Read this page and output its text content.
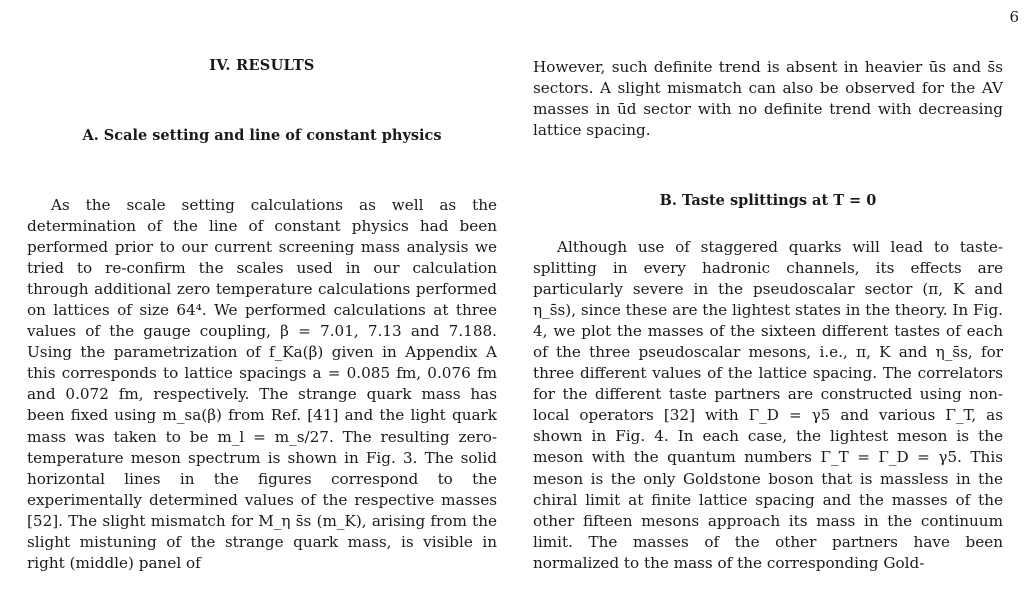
6
IV. RESULTS
A. Scale setting and line of constant physics

As the scale setting calculations as well as the determination of the line of constant physics had been performed prior to our current screening mass analysis we tried to re-confirm the scales used in our calculation through additional zero temperature calculations performed on lattices of size 64⁴. We performed calculations at three values of the gauge coupling, β = 7.01, 7.13 and 7.188. Using the parametrization of f_Ka(β) given in Appendix A this corresponds to lattice spacings a = 0.085 fm, 0.076 fm and 0.072 fm, respectively. The strange quark mass has been fixed using m_sa(β) from Ref. [41] and the light quark mass was taken to be m_l = m_s/27. The resulting zero-temperature meson spectrum is shown in Fig. 3. The solid horizontal lines in the figures correspond to the experimentally determined values of the respective masses [52]. The slight mismatch for M_η s̄s (m_K), arising from the slight mistuning of the strange quark mass, is visible in right (middle) panel of

However, such definite trend is absent in heavier ūs and s̄s sectors. A slight mismatch can also be observed for the AV masses in ūd sector with no definite trend with decreasing lattice spacing.

B. Taste splittings at T = 0

Although use of staggered quarks will lead to taste-splitting in every hadronic channels, its effects are particularly severe in the pseudoscalar sector (π, K and η_s̄s), since these are the lightest states in the theory. In Fig. 4, we plot the masses of the sixteen different tastes of each of the three pseudoscalar mesons, i.e., π, K and η_s̄s, for three different values of the lattice spacing. The correlators for the different taste partners are constructed using non-local operators [32] with Γ_D = γ5 and various Γ_T, as shown in Fig. 4. In each case, the lightest meson is the meson with the quantum numbers Γ_T = Γ_D = γ5. This meson is the only Goldstone boson that is massless in the chiral limit at finite lattice spacing and the masses of the other fifteen mesons approach its mass in the continuum limit. The masses of the other partners have been normalized to the mass of the corresponding Gold-
